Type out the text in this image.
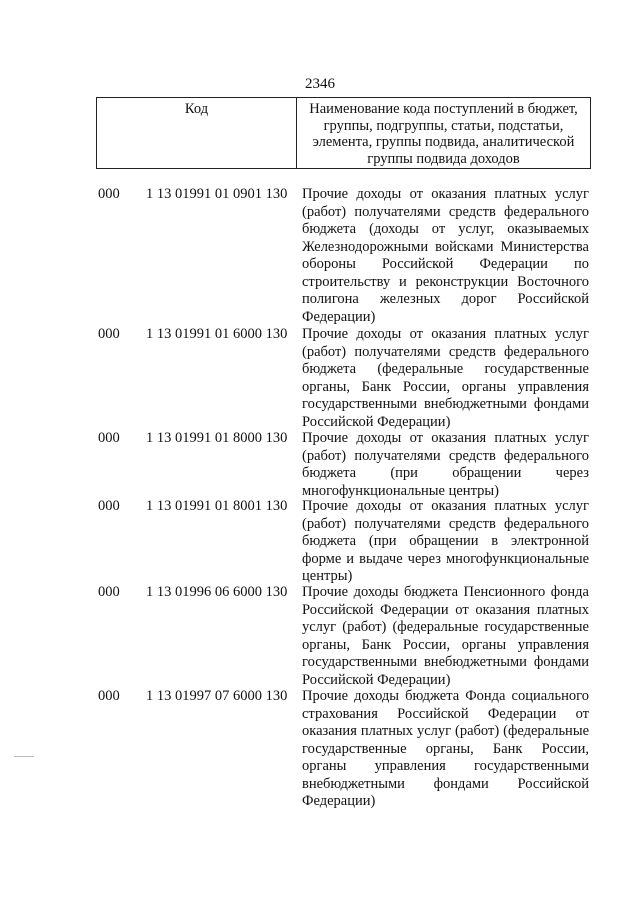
2346
Код	Наименование кода поступлений в бюджет, группы, подгруппы, статьи, подстатьи, элемента, группы подвида, аналитической группы подвида доходов
000	1 13 01991 01 0901 130	Прочие доходы от оказания платных услуг (работ) получателями средств федерального бюджета (доходы от услуг, оказываемых Железнодорожными войсками Министерства обороны Российской Федерации по строительству и реконструкции Восточного полигона железных дорог Российской Федерации)
000	1 13 01991 01 6000 130	Прочие доходы от оказания платных услуг (работ) получателями средств федерального бюджета (федеральные государственные органы, Банк России, органы управления государственными внебюджетными фондами Российской Федерации)
000	1 13 01991 01 8000 130	Прочие доходы от оказания платных услуг (работ) получателями средств федерального бюджета (при обращении через многофункциональные центры)
000	1 13 01991 01 8001 130	Прочие доходы от оказания платных услуг (работ) получателями средств федерального бюджета (при обращении в электронной форме и выдаче через многофункциональные центры)
000	1 13 01996 06 6000 130	Прочие доходы бюджета Пенсионного фонда Российской Федерации от оказания платных услуг (работ) (федеральные государственные органы, Банк России, органы управления государственными внебюджетными фондами Российской Федерации)
000	1 13 01997 07 6000 130	Прочие доходы бюджета Фонда социального страхования Российской Федерации от оказания платных услуг (работ) (федеральные государственные органы, Банк России, органы управления государственными внебюджетными фондами Российской Федерации)
